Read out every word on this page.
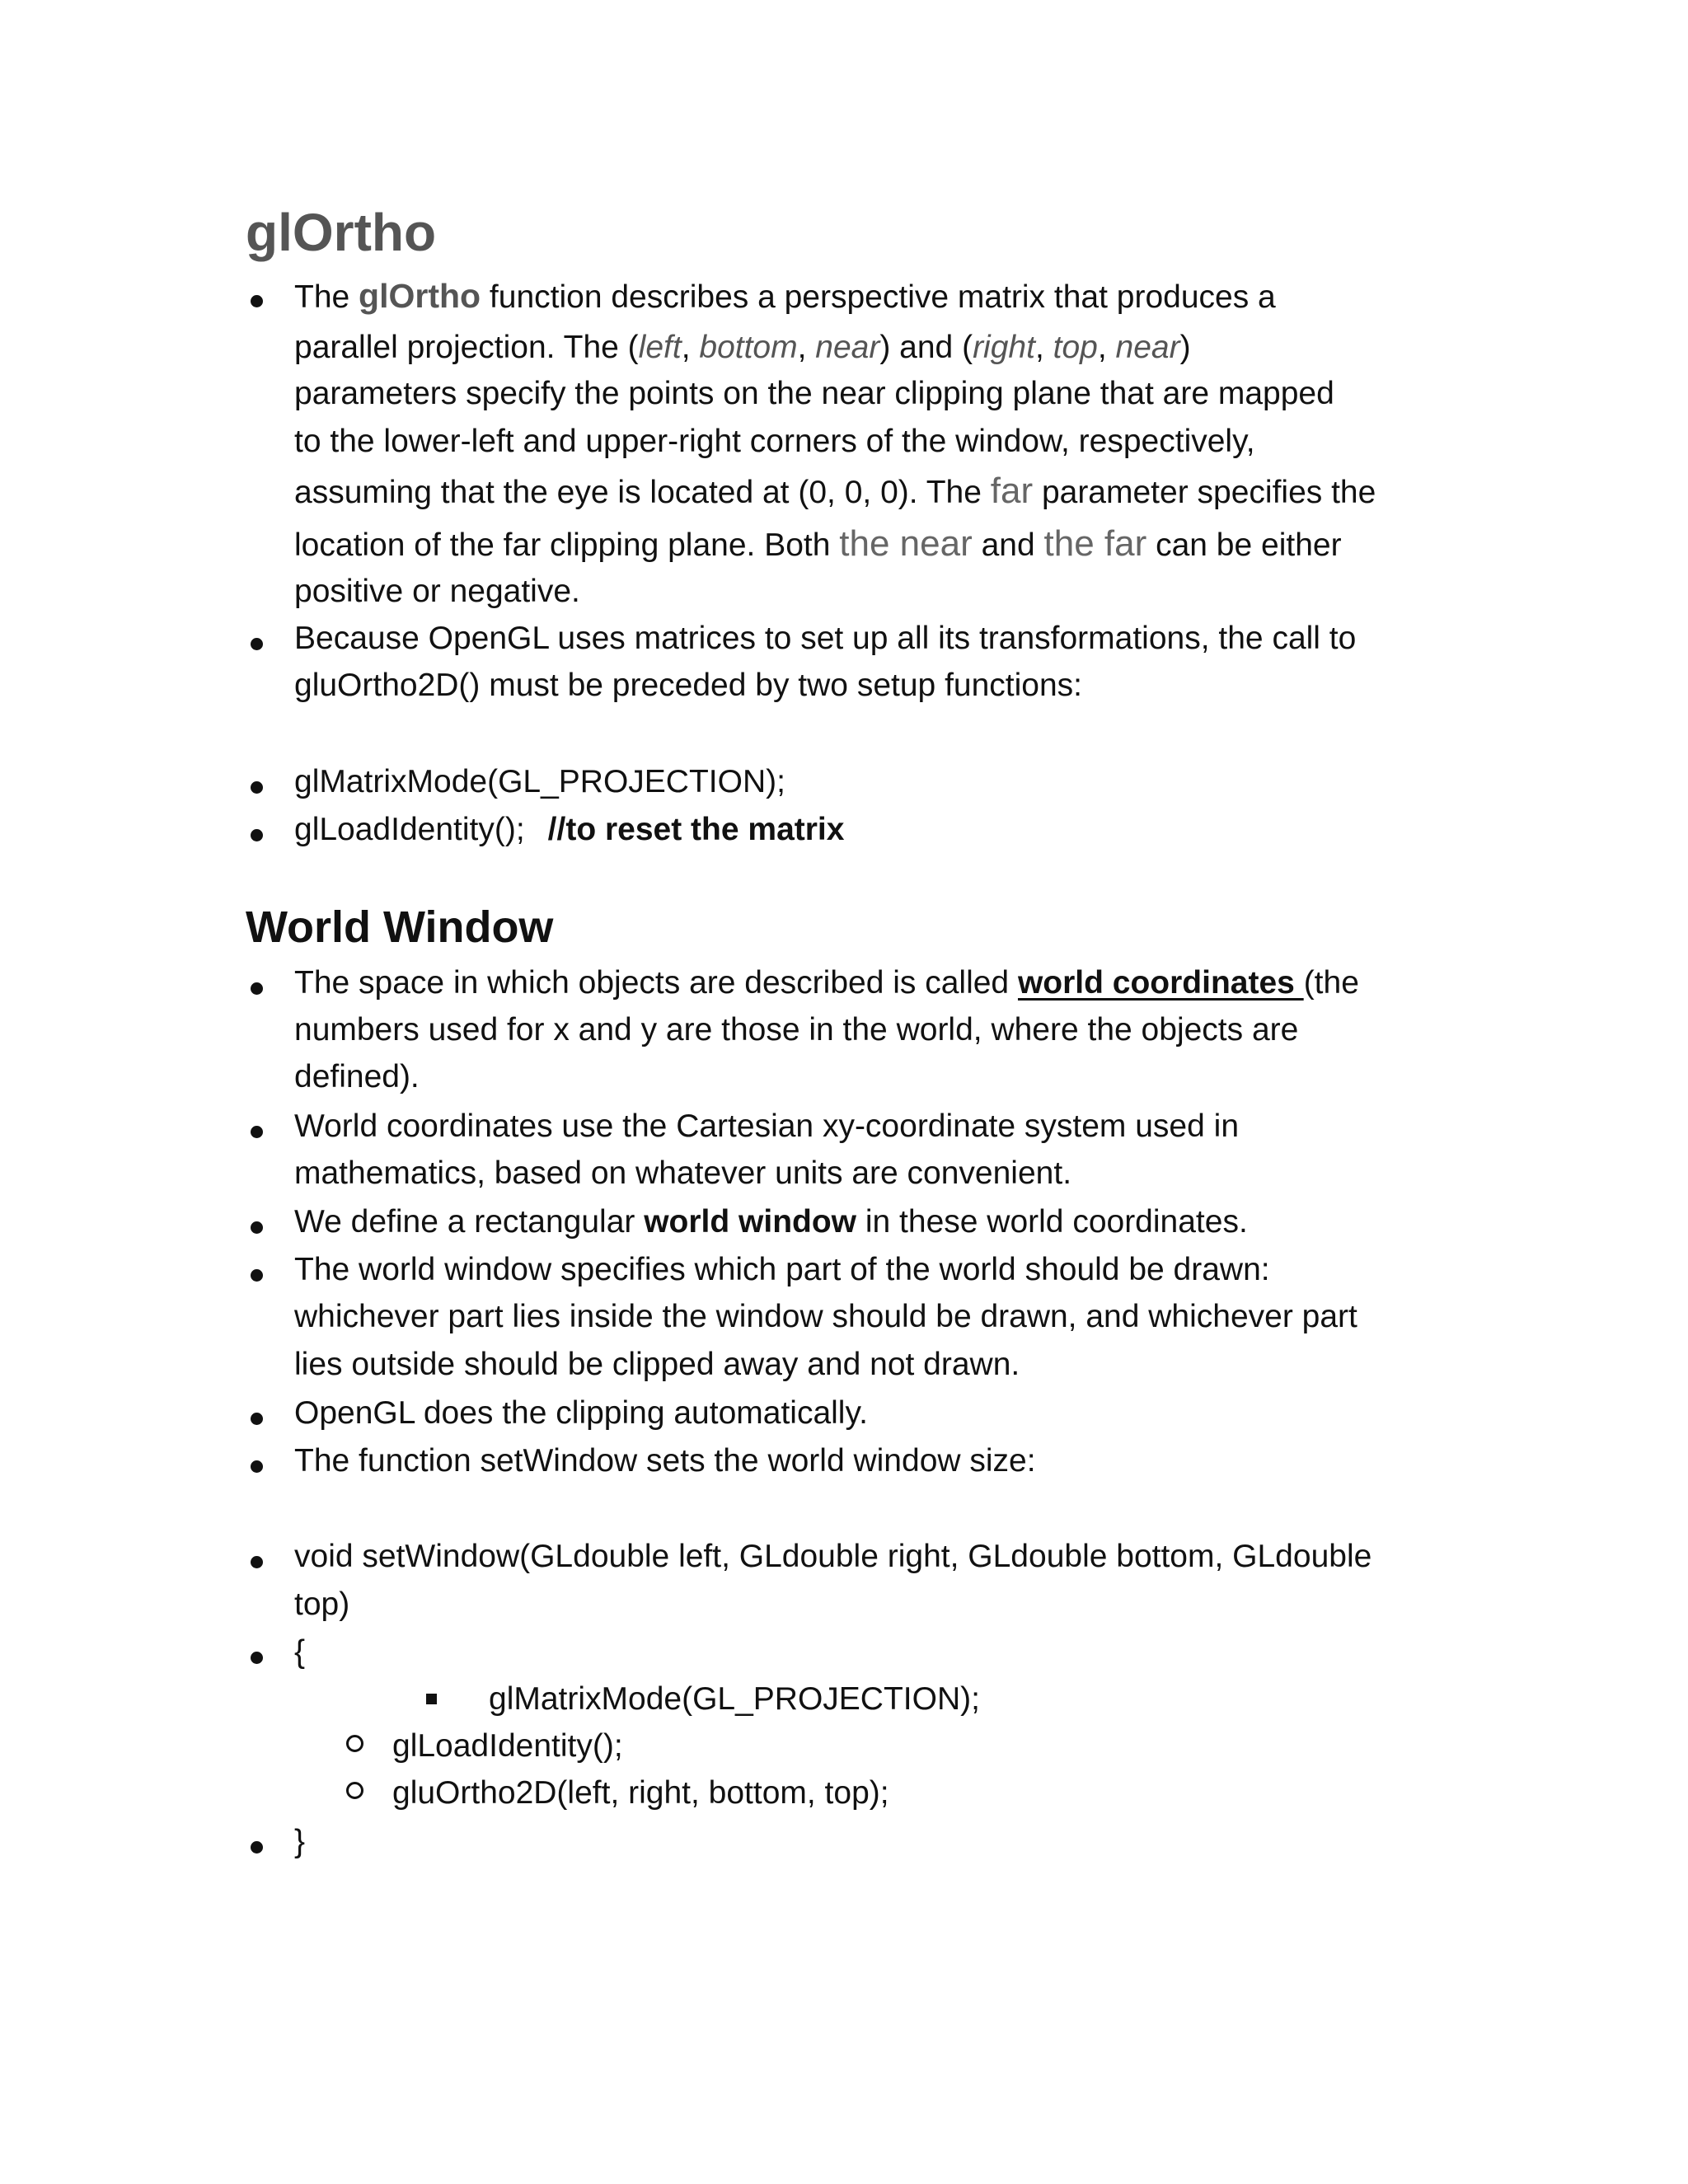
glOrtho
The glOrtho function describes a perspective matrix that produces a
parallel projection. The (left, bottom, near) and (right, top, near)
parameters specify the points on the near clipping plane that are mapped
to the lower-left and upper-right corners of the window, respectively,
assuming that the eye is located at (0, 0, 0). The far parameter specifies the
location of the far clipping plane. Both the near and the far can be either
positive or negative.
Because OpenGL uses matrices to set up all its transformations, the call to
gluOrtho2D() must be preceded by two setup functions:
glMatrixMode(GL_PROJECTION);
glLoadIdentity(); //to reset the matrix
World Window
The space in which objects are described is called world coordinates (the
numbers used for x and y are those in the world, where the objects are
defined).
World coordinates use the Cartesian xy-coordinate system used in
mathematics, based on whatever units are convenient.
We define a rectangular world window in these world coordinates.
The world window specifies which part of the world should be drawn:
whichever part lies inside the window should be drawn, and whichever part
lies outside should be clipped away and not drawn.
OpenGL does the clipping automatically.
The function setWindow sets the world window size:
void setWindow(GLdouble left, GLdouble right, GLdouble bottom, GLdouble
top)
{
glMatrixMode(GL_PROJECTION);
glLoadIdentity();
gluOrtho2D(left, right, bottom, top);
}
